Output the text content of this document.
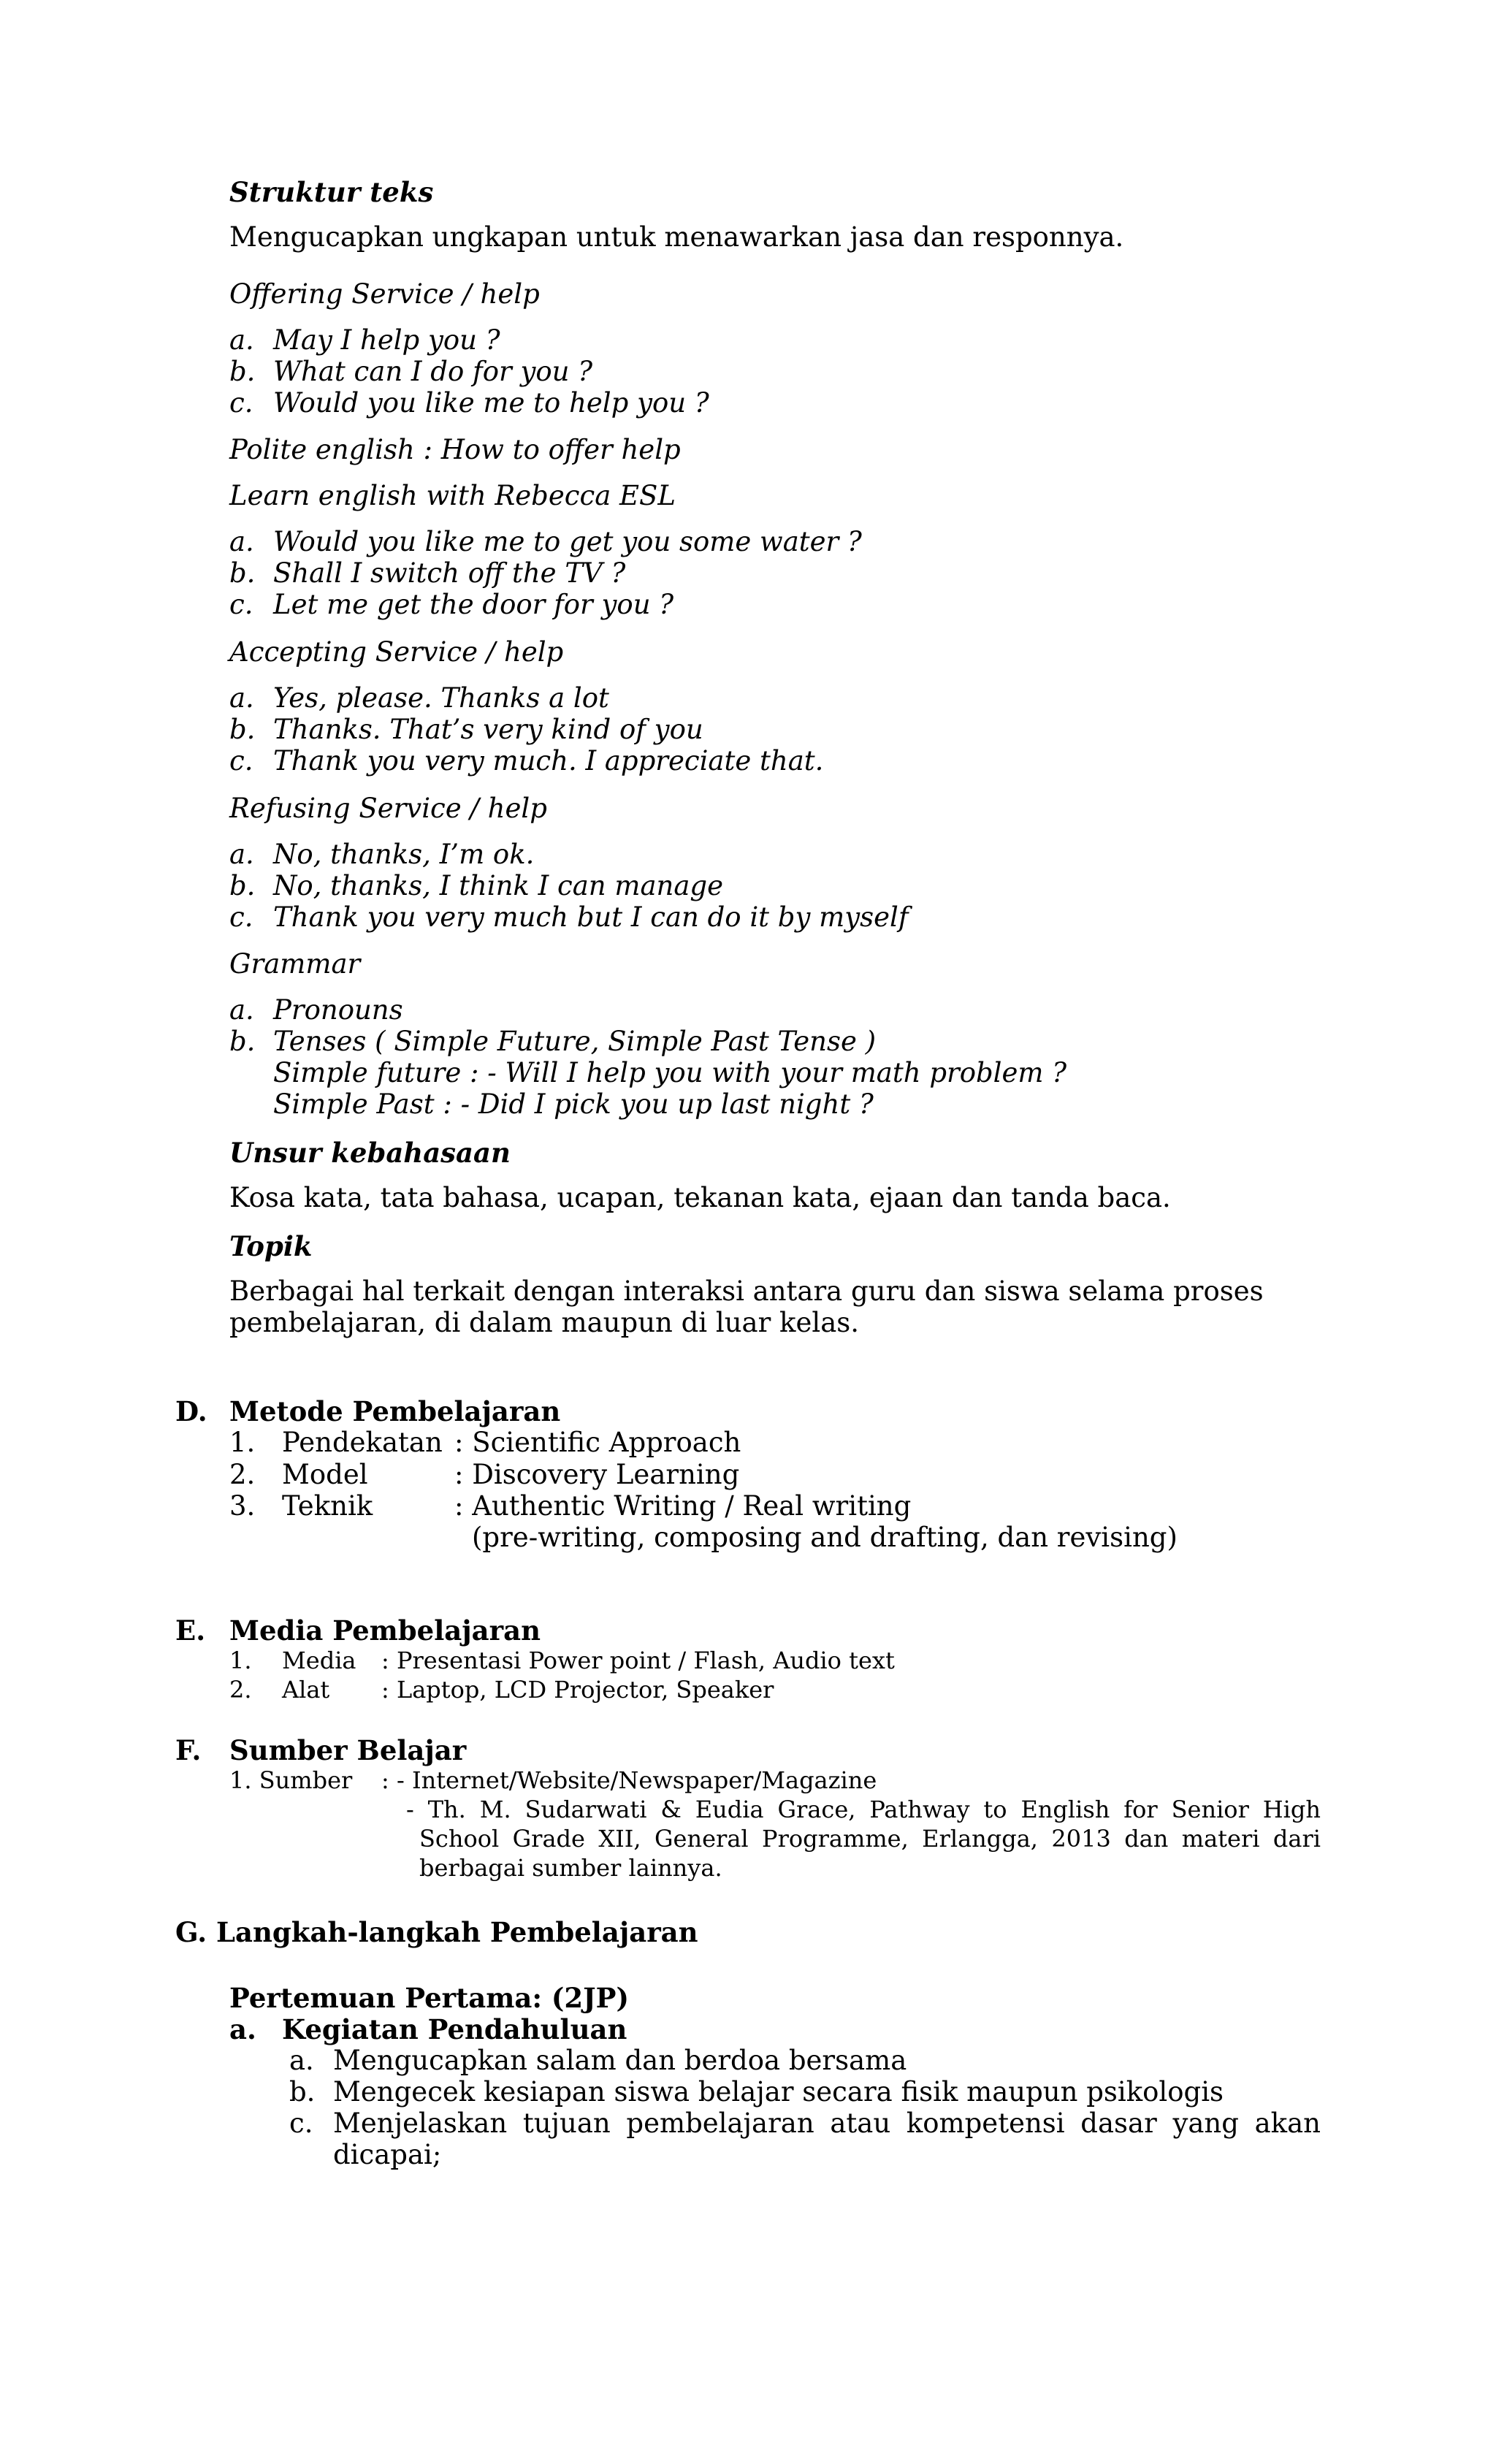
Struktur teks
Mengucapkan ungkapan untuk menawarkan jasa dan responnya.
Offering Service / help
a. May I help you ?
b. What can I do for you ?
c. Would you like me to help you ?
Polite english : How to offer help
Learn english with Rebecca ESL
a. Would you like me to get you some water ?
b. Shall I switch off the TV ?
c. Let me get the door for you ?
Accepting Service / help
a. Yes, please. Thanks a lot
b. Thanks. That’s very kind of you
c. Thank you very much. I appreciate that.
Refusing Service / help
a. No, thanks, I’m ok.
b. No, thanks, I think I can manage
c. Thank you very much but I can do it by myself
Grammar
a. Pronouns
b. Tenses ( Simple Future, Simple Past Tense )
Simple future : - Will I help you with your math problem ?
Simple Past : - Did I pick you up last night ?
Unsur kebahasaan
Kosa kata, tata bahasa, ucapan, tekanan kata, ejaan dan tanda baca.
Topik
Berbagai hal terkait dengan interaksi antara guru dan siswa selama proses
pembelajaran, di dalam maupun di luar kelas.
D. Metode Pembelajaran
1. Pendekatan : Scientific Approach
2. Model	: Discovery Learning
3. Teknik	: Authentic Writing / Real writing
(pre-writing, composing and drafting, dan revising)
E. Media Pembelajaran
1. Media : Presentasi Power point / Flash, Audio text
2. Alat : Laptop, LCD Projector, Speaker
F. Sumber Belajar
1. Sumber : - Internet/Website/Newspaper/Magazine
- Th. M. Sudarwati & Eudia Grace, Pathway to English for Senior High
School Grade XII, General Programme, Erlangga, 2013 dan materi dari
berbagai sumber lainnya.
G. Langkah-langkah Pembelajaran
Pertemuan Pertama: (2JP)
a. Kegiatan Pendahuluan
a. Mengucapkan salam dan berdoa bersama
b. Mengecek kesiapan siswa belajar secara fisik maupun psikologis
c. Menjelaskan tujuan pembelajaran atau kompetensi dasar yang akan
dicapai;
